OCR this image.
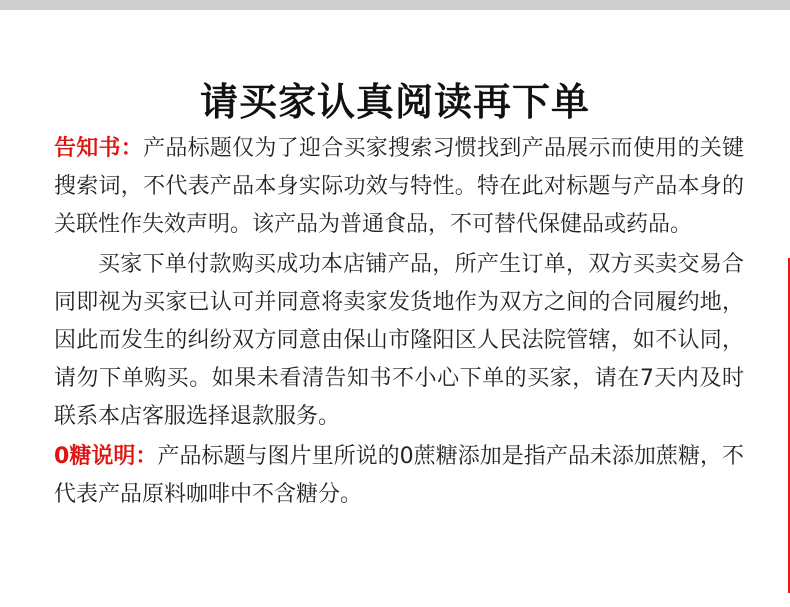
请买家认真阅读再下单

告知书：产品标题仅为了迎合买家搜索习惯找到产品展示而使用的关键搜索词，不代表产品本身实际功效与特性。特在此对标题与产品本身的关联性作失效声明。该产品为普通食品，不可替代保健品或药品。

买家下单付款购买成功本店铺产品，所产生订单，双方买卖交易合同即视为买家已认可并同意将卖家发货地作为双方之间的合同履约地，因此而发生的纠纷双方同意由保山市隆阳区人民法院管辖，如不认同，请勿下单购买。如果未看清告知书不小心下单的买家，请在7天内及时联系本店客服选择退款服务。

0糖说明：产品标题与图片里所说的0蔗糖添加是指产品未添加蔗糖，不代表产品原料咖啡中不含糖分。
